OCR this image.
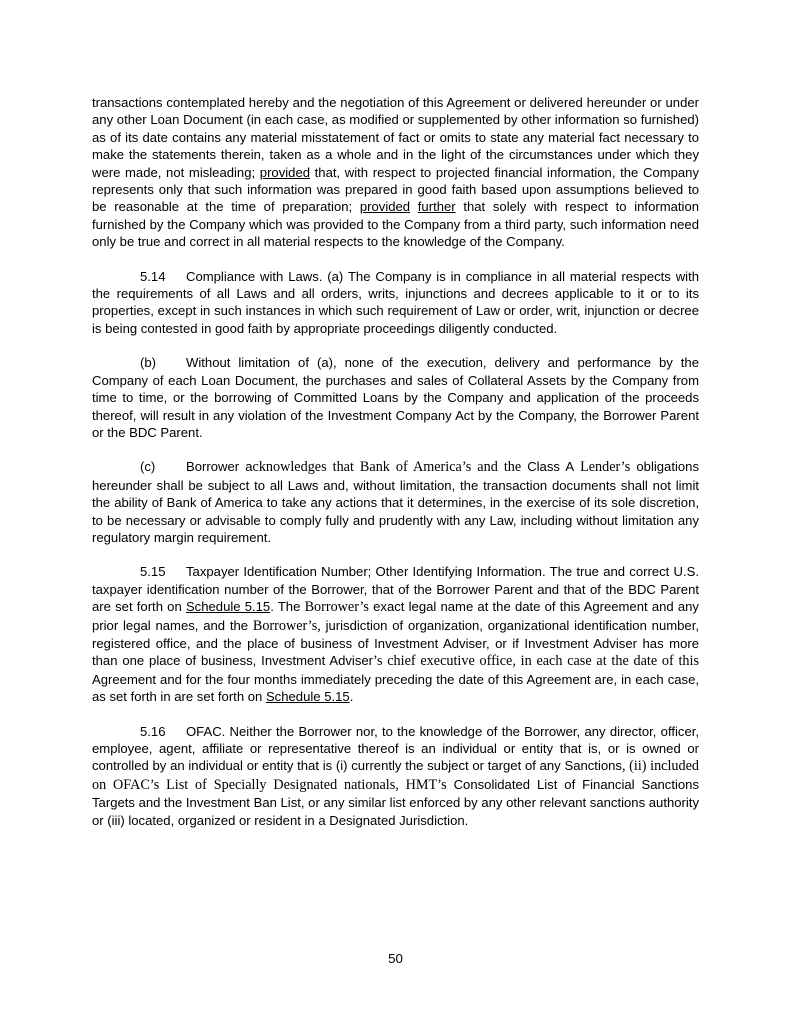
transactions contemplated hereby and the negotiation of this Agreement or delivered hereunder or under any other Loan Document (in each case, as modified or supplemented by other information so furnished) as of its date contains any material misstatement of fact or omits to state any material fact necessary to make the statements therein, taken as a whole and in the light of the circumstances under which they were made, not misleading; provided that, with respect to projected financial information, the Company represents only that such information was prepared in good faith based upon assumptions believed to be reasonable at the time of preparation; provided further that solely with respect to information furnished by the Company which was provided to the Company from a third party, such information need only be true and correct in all material respects to the knowledge of the Company.

5.14 Compliance with Laws. (a) The Company is in compliance in all material respects with the requirements of all Laws and all orders, writs, injunctions and decrees applicable to it or to its properties, except in such instances in which such requirement of Law or order, writ, injunction or decree is being contested in good faith by appropriate proceedings diligently conducted.

(b) Without limitation of (a), none of the execution, delivery and performance by the Company of each Loan Document, the purchases and sales of Collateral Assets by the Company from time to time, or the borrowing of Committed Loans by the Company and application of the proceeds thereof, will result in any violation of the Investment Company Act by the Company, the Borrower Parent or the BDC Parent.

(c) Borrower acknowledges that Bank of America’s and the Class A Lender’s obligations hereunder shall be subject to all Laws and, without limitation, the transaction documents shall not limit the ability of Bank of America to take any actions that it determines, in the exercise of its sole discretion, to be necessary or advisable to comply fully and prudently with any Law, including without limitation any regulatory margin requirement.

5.15 Taxpayer Identification Number; Other Identifying Information. The true and correct U.S. taxpayer identification number of the Borrower, that of the Borrower Parent and that of the BDC Parent are set forth on Schedule 5.15. The Borrower’s exact legal name at the date of this Agreement and any prior legal names, and the Borrower’s, jurisdiction of organization, organizational identification number, registered office, and the place of business of Investment Adviser, or if Investment Adviser has more than one place of business, Investment Adviser’s chief executive office, in each case at the date of this Agreement and for the four months immediately preceding the date of this Agreement are, in each case, as set forth in are set forth on Schedule 5.15.

5.16 OFAC. Neither the Borrower nor, to the knowledge of the Borrower, any director, officer, employee, agent, affiliate or representative thereof is an individual or entity that is, or is owned or controlled by an individual or entity that is (i) currently the subject or target of any Sanctions, (ii) included on OFAC’s List of Specially Designated nationals, HMT’s Consolidated List of Financial Sanctions Targets and the Investment Ban List, or any similar list enforced by any other relevant sanctions authority or (iii) located, organized or resident in a Designated Jurisdiction.

50
